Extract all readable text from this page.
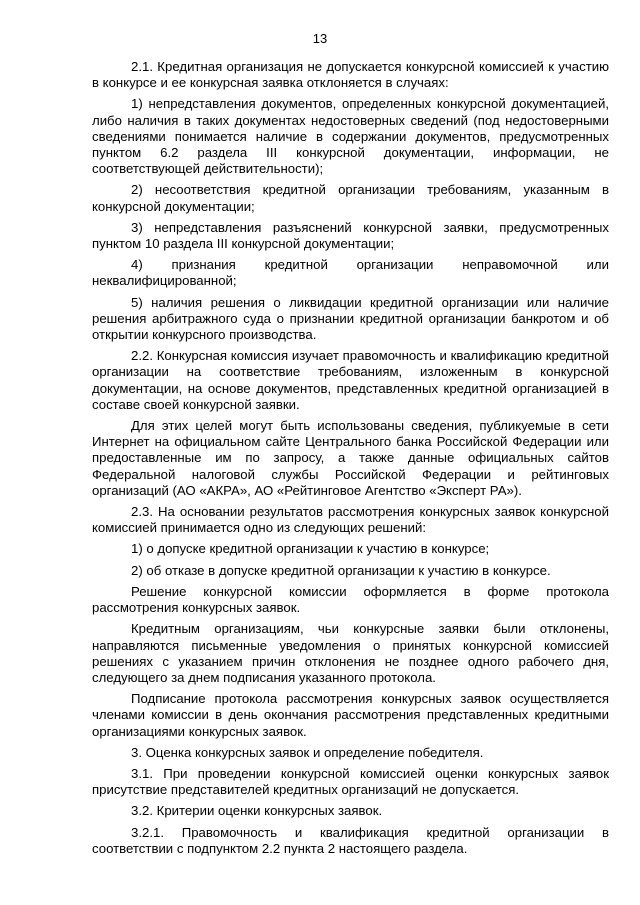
13

2.1. Кредитная организация не допускается конкурсной комиссией к участию в конкурсе и ее конкурсная заявка отклоняется в случаях:

1) непредставления документов, определенных конкурсной документацией, либо наличия в таких документах недостоверных сведений (под недостоверными сведениями понимается наличие в содержании документов, предусмотренных пунктом 6.2 раздела III конкурсной документации, информации, не соответствующей действительности);

2) несоответствия кредитной организации требованиям, указанным в конкурсной документации;

3) непредставления разъяснений конкурсной заявки, предусмотренных пунктом 10 раздела III конкурсной документации;

4) признания кредитной организации неправомочной или неквалифицированной;

5) наличия решения о ликвидации кредитной организации или наличие решения арбитражного суда о признании кредитной организации банкротом и об открытии конкурсного производства.

2.2. Конкурсная комиссия изучает правомочность и квалификацию кредитной организации на соответствие требованиям, изложенным в конкурсной документации, на основе документов, представленных кредитной организацией в составе своей конкурсной заявки.

Для этих целей могут быть использованы сведения, публикуемые в сети Интернет на официальном сайте Центрального банка Российской Федерации или предоставленные им по запросу, а также данные официальных сайтов Федеральной налоговой службы Российской Федерации и рейтинговых организаций (АО «АКРА», АО «Рейтинговое Агентство «Эксперт РА»).

2.3. На основании результатов рассмотрения конкурсных заявок конкурсной комиссией принимается одно из следующих решений:

1) о допуске кредитной организации к участию в конкурсе;

2) об отказе в допуске кредитной организации к участию в конкурсе.

Решение конкурсной комиссии оформляется в форме протокола рассмотрения конкурсных заявок.

Кредитным организациям, чьи конкурсные заявки были отклонены, направляются письменные уведомления о принятых конкурсной комиссией решениях с указанием причин отклонения не позднее одного рабочего дня, следующего за днем подписания указанного протокола.

Подписание протокола рассмотрения конкурсных заявок осуществляется членами комиссии в день окончания рассмотрения представленных кредитными организациями конкурсных заявок.

3. Оценка конкурсных заявок и определение победителя.

3.1. При проведении конкурсной комиссией оценки конкурсных заявок присутствие представителей кредитных организаций не допускается.

3.2. Критерии оценки конкурсных заявок.

3.2.1. Правомочность и квалификация кредитной организации в соответствии с подпунктом 2.2 пункта 2 настоящего раздела.
